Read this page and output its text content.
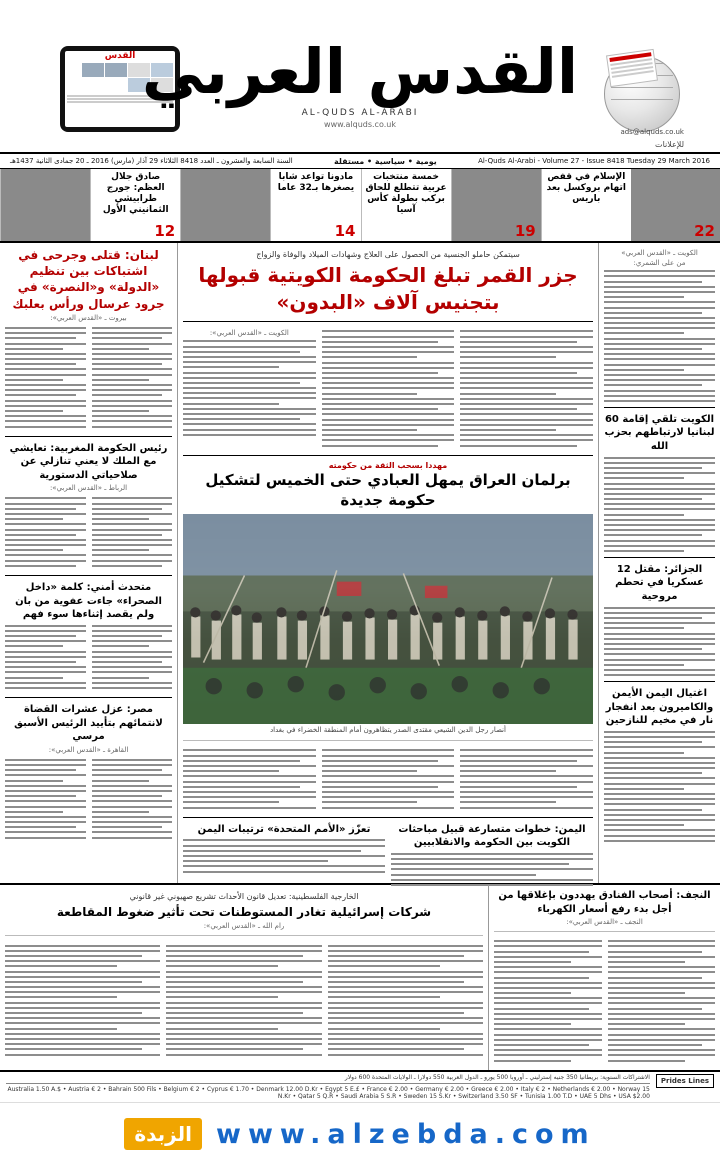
القدس القدس العربي
AL-QUDS AL-ARABI
www.alquds.co.uk
ads@alquds.co.uk
للإعلانات
Al-Quds Al-Arabi - Volume 27 - Issue 8418 Tuesday 29 March 2016
يومية • سياسية • مستقلة
السنة السابعة والعشرون ـ العدد 8418 الثلاثاء 29 آذار (مارس) 2016 ـ 20 جمادى الثانية 1437هـ
22
الإسلام في قفص اتهام بروكسل بعد باريس
19
خمسة منتخبات عربية تتطلع للحاق بركب بطولة كأس آسيا
مادونا تواعد شابا يصغرها بـ32 عاما
14
صادق جلال العظم: جورج طرابيشي الثمانيني الأول
12
الكويت ـ «القدس العربي»
من على الشمري:
الكويت تلقي إقامة 60 لبنانيا لارتباطهم بحزب الله
الجزائر: مقتل 12 عسكريا في تحطم مروحية
اغتيال اليمن الأيمن والكاميرون بعد انفجار نار في مخيم للنازحين
سيتمكن حاملو الجنسية من الحصول على العلاج وشهادات الميلاد والوفاة والزواج
جزر القمر تبلغ الحكومة الكويتية قبولها بتجنيس آلاف «البدون»
الكويت ـ «القدس العربي»:
مهددا بسحب الثقة من حكومته
برلمان العراق يمهل العبادي حتى الخميس لتشكيل حكومة جديدة
أنصار رجل الدين الشيعي مقتدى الصدر يتظاهرون أمام المنطقة الخضراء في بغداد
اليمن: خطوات متسارعة قبيل مباحثات الكويت بين الحكومة والانقلابيين
تعزّز «الأمم المتحدة» ترتيبات اليمن
لبنان: قتلى وجرحى في اشتباكات بين تنظيم «الدولة» و«النصرة» في جرود عرسال ورأس بعلبك
بيروت ـ «القدس العربي»:
رئيس الحكومة المغربية: تعايشي مع الملك لا يعني تنازلي عن صلاحياتي الدستورية
الرباط ـ «القدس العربي»:
متحدث أمني: كلمة «داخل الصحراء» جاءت عفوية من بان ولم يقصد إثناءها سوء فهم
مصر: عزل عشرات القضاة لانتمائهم بتأييد الرئيس الأسبق مرسي
القاهرة ـ «القدس العربي»:
النجف: أصحاب الفنادق يهددون بإغلاقها من أجل بدء رفع أسعار الكهرباء
النجف ـ «القدس العربي»:
الخارجية الفلسطينية: تعديل قانون الأحداث تشريع صهيوني غير قانوني
شركات إسرائيلية تغادر المستوطنات تحت تأثير ضغوط المقاطعة
رام الله ـ «القدس العربي»:
Prides Lines
الاشتراكات السنوية: بريطانيا 350 جنيه إسترليني ـ أوروبا 500 يورو ـ الدول العربية 550 دولارا ـ الولايات المتحدة 600 دولار
Australia 1.50 A.$ • Austria € 2 • Bahrain 500 Fils • Belgium € 2 • Cyprus € 1.70 • Denmark 12.00 D.Kr • Egypt 5 E.£ • France € 2.00 • Germany € 2.00 • Greece € 2.00 • Italy € 2 • Netherlands € 2.00 • Norway 15 N.Kr • Qatar 5 Q.R • Saudi Arabia 5 S.R • Sweden 15 S.Kr • Switzerland 3.50 SF • Tunisia 1.00 T.D • UAE 5 Dhs • USA $2.00
www.alzebda.com
الزبدة
